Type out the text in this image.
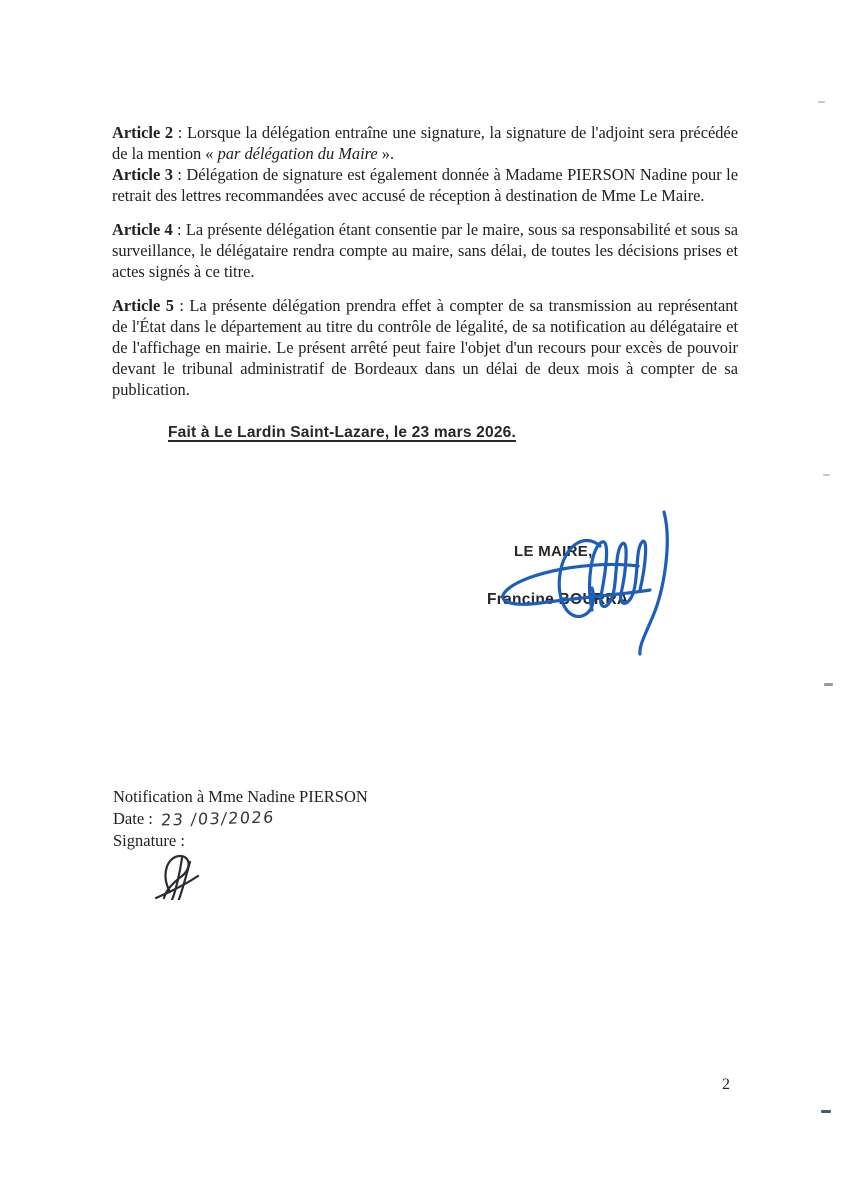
Article 2 : Lorsque la délégation entraîne une signature, la signature de l'adjoint sera précédée de la mention « par délégation du Maire ».
Article 3 : Délégation de signature est également donnée à Madame PIERSON Nadine pour le retrait des lettres recommandées avec accusé de réception à destination de Mme Le Maire.

Article 4 : La présente délégation étant consentie par le maire, sous sa responsabilité et sous sa surveillance, le délégataire rendra compte au maire, sans délai, de toutes les décisions prises et actes signés à ce titre.

Article 5 : La présente délégation prendra effet à compter de sa transmission au représentant de l'État dans le département au titre du contrôle de légalité, de sa notification au délégataire et de l'affichage en mairie. Le présent arrêté peut faire l'objet d'un recours pour excès de pouvoir devant le tribunal administratif de Bordeaux dans un délai de deux mois à compter de sa publication.

Fait à Le Lardin Saint-Lazare, le 23 mars 2026.
LE MAIRE,
Francine BOURRA
Notification à Mme Nadine PIERSON
Date : 23 /03/2026
Signature :
2
